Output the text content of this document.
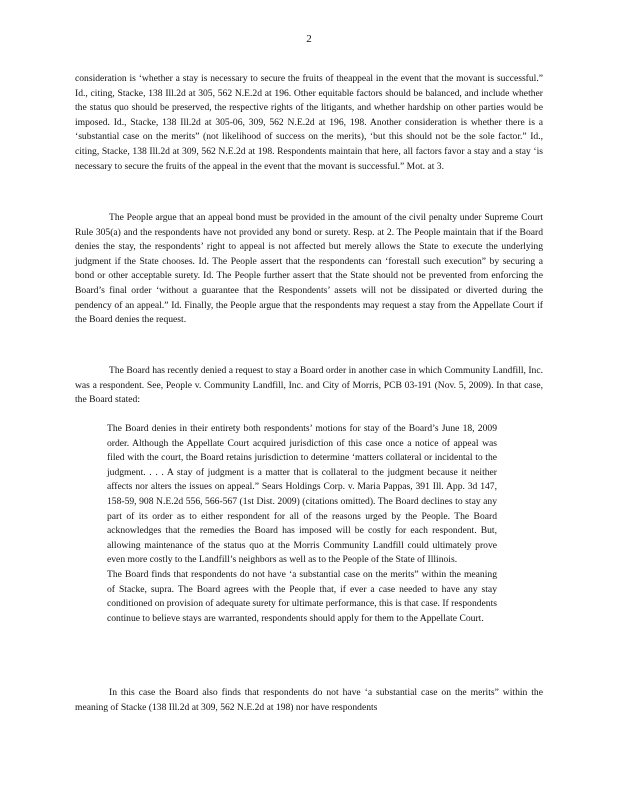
2

consideration is ‘whether a stay is necessary to secure the fruits of theappeal in the event that the movant is successful.” Id., citing, Stacke, 138 Ill.2d at 305, 562 N.E.2d at 196. Other equitable factors should be balanced, and include whether the status quo should be preserved, the respective rights of the litigants, and whether hardship on other parties would be imposed. Id., Stacke, 138 Ill.2d at 305-06, 309, 562 N.E.2d at 196, 198. Another consideration is whether there is a ‘substantial case on the merits” (not likelihood of success on the merits), ‘but this should not be the sole factor.” Id., citing, Stacke, 138 Ill.2d at 309, 562 N.E.2d at 198. Respondents maintain that here, all factors favor a stay and a stay ‘is necessary to secure the fruits of the appeal in the event that the movant is successful.” Mot. at 3.

The People argue that an appeal bond must be provided in the amount of the civil penalty under Supreme Court Rule 305(a) and the respondents have not provided any bond or surety. Resp. at 2. The People maintain that if the Board denies the stay, the respondents’ right to appeal is not affected but merely allows the State to execute the underlying judgment if the State chooses. Id. The People assert that the respondents can ‘forestall such execution” by securing a bond or other acceptable surety. Id. The People further assert that the State should not be prevented from enforcing the Board’s final order ‘without a guarantee that the Respondents’ assets will not be dissipated or diverted during the pendency of an appeal.” Id. Finally, the People argue that the respondents may request a stay from the Appellate Court if the Board denies the request.

The Board has recently denied a request to stay a Board order in another case in which Community Landfill, Inc. was a respondent. See, People v. Community Landfill, Inc. and City of Morris, PCB 03-191 (Nov. 5, 2009). In that case, the Board stated:

The Board denies in their entirety both respondents’ motions for stay of the Board’s June 18, 2009 order. Although the Appellate Court acquired jurisdiction of this case once a notice of appeal was filed with the court, the Board retains jurisdiction to determine ‘matters collateral or incidental to the judgment. . . . A stay of judgment is a matter that is collateral to the judgment because it neither affects nor alters the issues on appeal.” Sears Holdings Corp. v. Maria Pappas, 391 Ill. App. 3d 147, 158-59, 908 N.E.2d 556, 566-567 (1st Dist. 2009) (citations omitted). The Board declines to stay any part of its order as to either respondent for all of the reasons urged by the People. The Board acknowledges that the remedies the Board has imposed will be costly for each respondent. But, allowing maintenance of the status quo at the Morris Community Landfill could ultimately prove even more costly to the Landfill’s neighbors as well as to the People of the State of Illinois.

The Board finds that respondents do not have ‘a substantial case on the merits” within the meaning of Stacke, supra. The Board agrees with the People that, if ever a case needed to have any stay conditioned on provision of adequate surety for ultimate performance, this is that case. If respondents continue to believe stays are warranted, respondents should apply for them to the Appellate Court.

In this case the Board also finds that respondents do not have ‘a substantial case on the merits” within the meaning of Stacke (138 Ill.2d at 309, 562 N.E.2d at 198) nor have respondents
